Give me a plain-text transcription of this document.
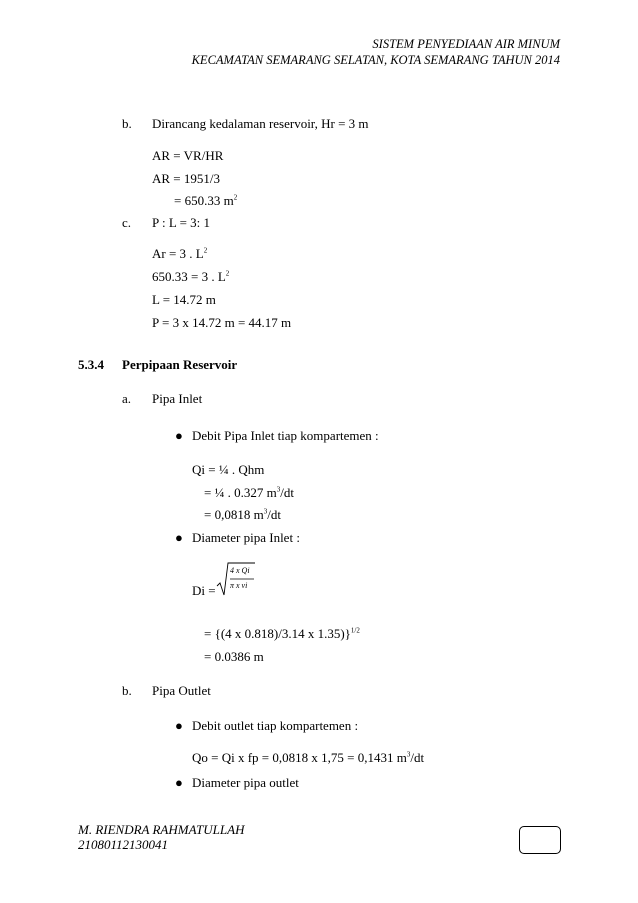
SISTEM PENYEDIAAN AIR MINUM
KECAMATAN SEMARANG SELATAN, KOTA SEMARANG TAHUN 2014
b. Dirancang kedalaman reservoir, Hr = 3 m
AR = VR/HR
AR = 1951/3
= 650.33 $m^2$
c. P : L = 3: 1
Ar = 3 . $L^2$
650.33 = 3 . $L^2$
L = 14.72 m
P = 3 x 14.72 m = 44.17 m
5.3.4 Perpipaan Reservoir
a. Pipa Inlet
● Debit Pipa Inlet tiap kompartemen :
Qi = ¼ . Qhm
= ¼ . 0.327 $m^3/dt$
= 0,0818 $m^3/dt$
● Diameter pipa Inlet :
Di =
4 x Qi
π x vi
= {(4 x 0.818)/3.14 x 1.35)}$^{1/2}$
= 0.0386 m
b. Pipa Outlet
● Debit outlet tiap kompartemen :
Qo = Qi x fp = 0,0818 x 1,75 = 0,1431 $m^3/dt$
● Diameter pipa outlet
M. RIENDRA RAHMATULLAH
21080112130041
